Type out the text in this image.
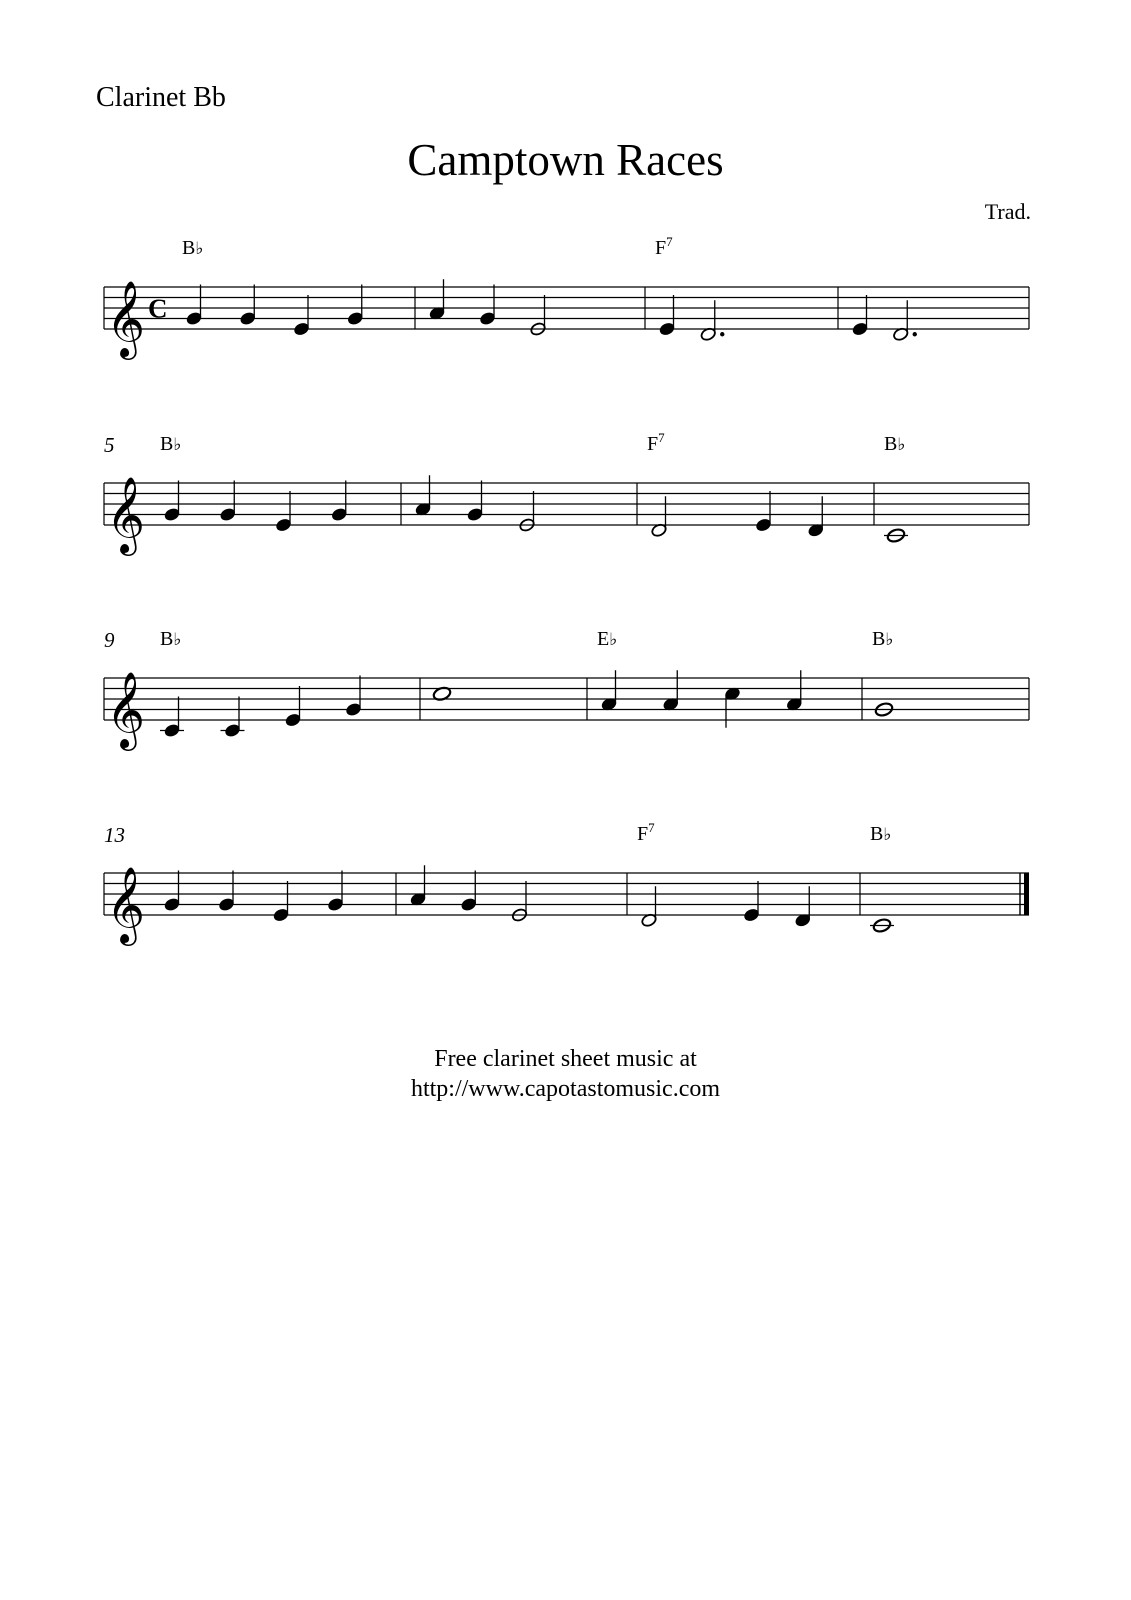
Clarinet Bb
Camptown Races
Trad.
𝄞 C
B♭	$F^7$
𝄞
5 B♭	$F^7$	B♭
𝄞
9 B♭	E♭	B♭
𝄞
13	$F^7$	B♭
Free clarinet sheet music at
http://www.capotastomusic.com
